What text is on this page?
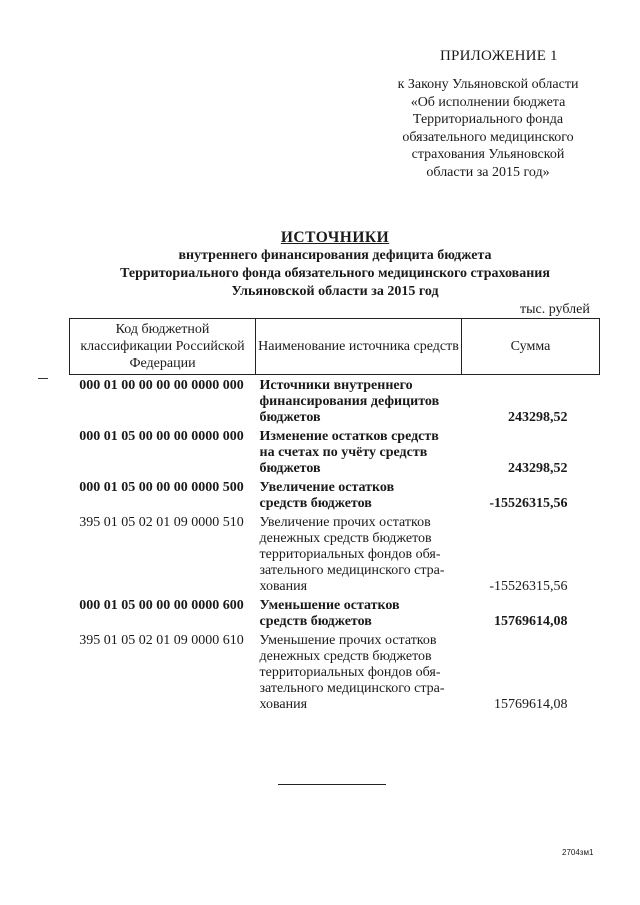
ПРИЛОЖЕНИЕ 1
к Закону Ульяновской области
«Об исполнении бюджета
Территориального фонда
обязательного медицинского
страхования Ульяновской
области за 2015 год»
ИСТОЧНИКИ
внутреннего финансирования дефицита бюджета
Территориального фонда обязательного медицинского страхования
Ульяновской области за 2015 год
тыс. рублей
Код бюджетной классификации Российской Федерации	Наименование источника средств	Сумма
000 01 00 00 00 00 0000 000	Источники внутреннего
финансирования дефицитов
бюджетов	243298,52
000 01 05 00 00 00 0000 000	Изменение остатков средств
на счетах по учёту средств
бюджетов	243298,52
000 01 05 00 00 00 0000 500	Увеличение остатков
средств бюджетов	-15526315,56
395 01 05 02 01 09 0000 510	Увеличение прочих остатков
денежных средств бюджетов
территориальных фондов обя-
зательного медицинского стра-
хования	-15526315,56
000 01 05 00 00 00 0000 600	Уменьшение остатков
средств бюджетов	15769614,08
395 01 05 02 01 09 0000 610	Уменьшение прочих остатков
денежных средств бюджетов
территориальных фондов обя-
зательного медицинского стра-
хования	15769614,08
2704зм1
